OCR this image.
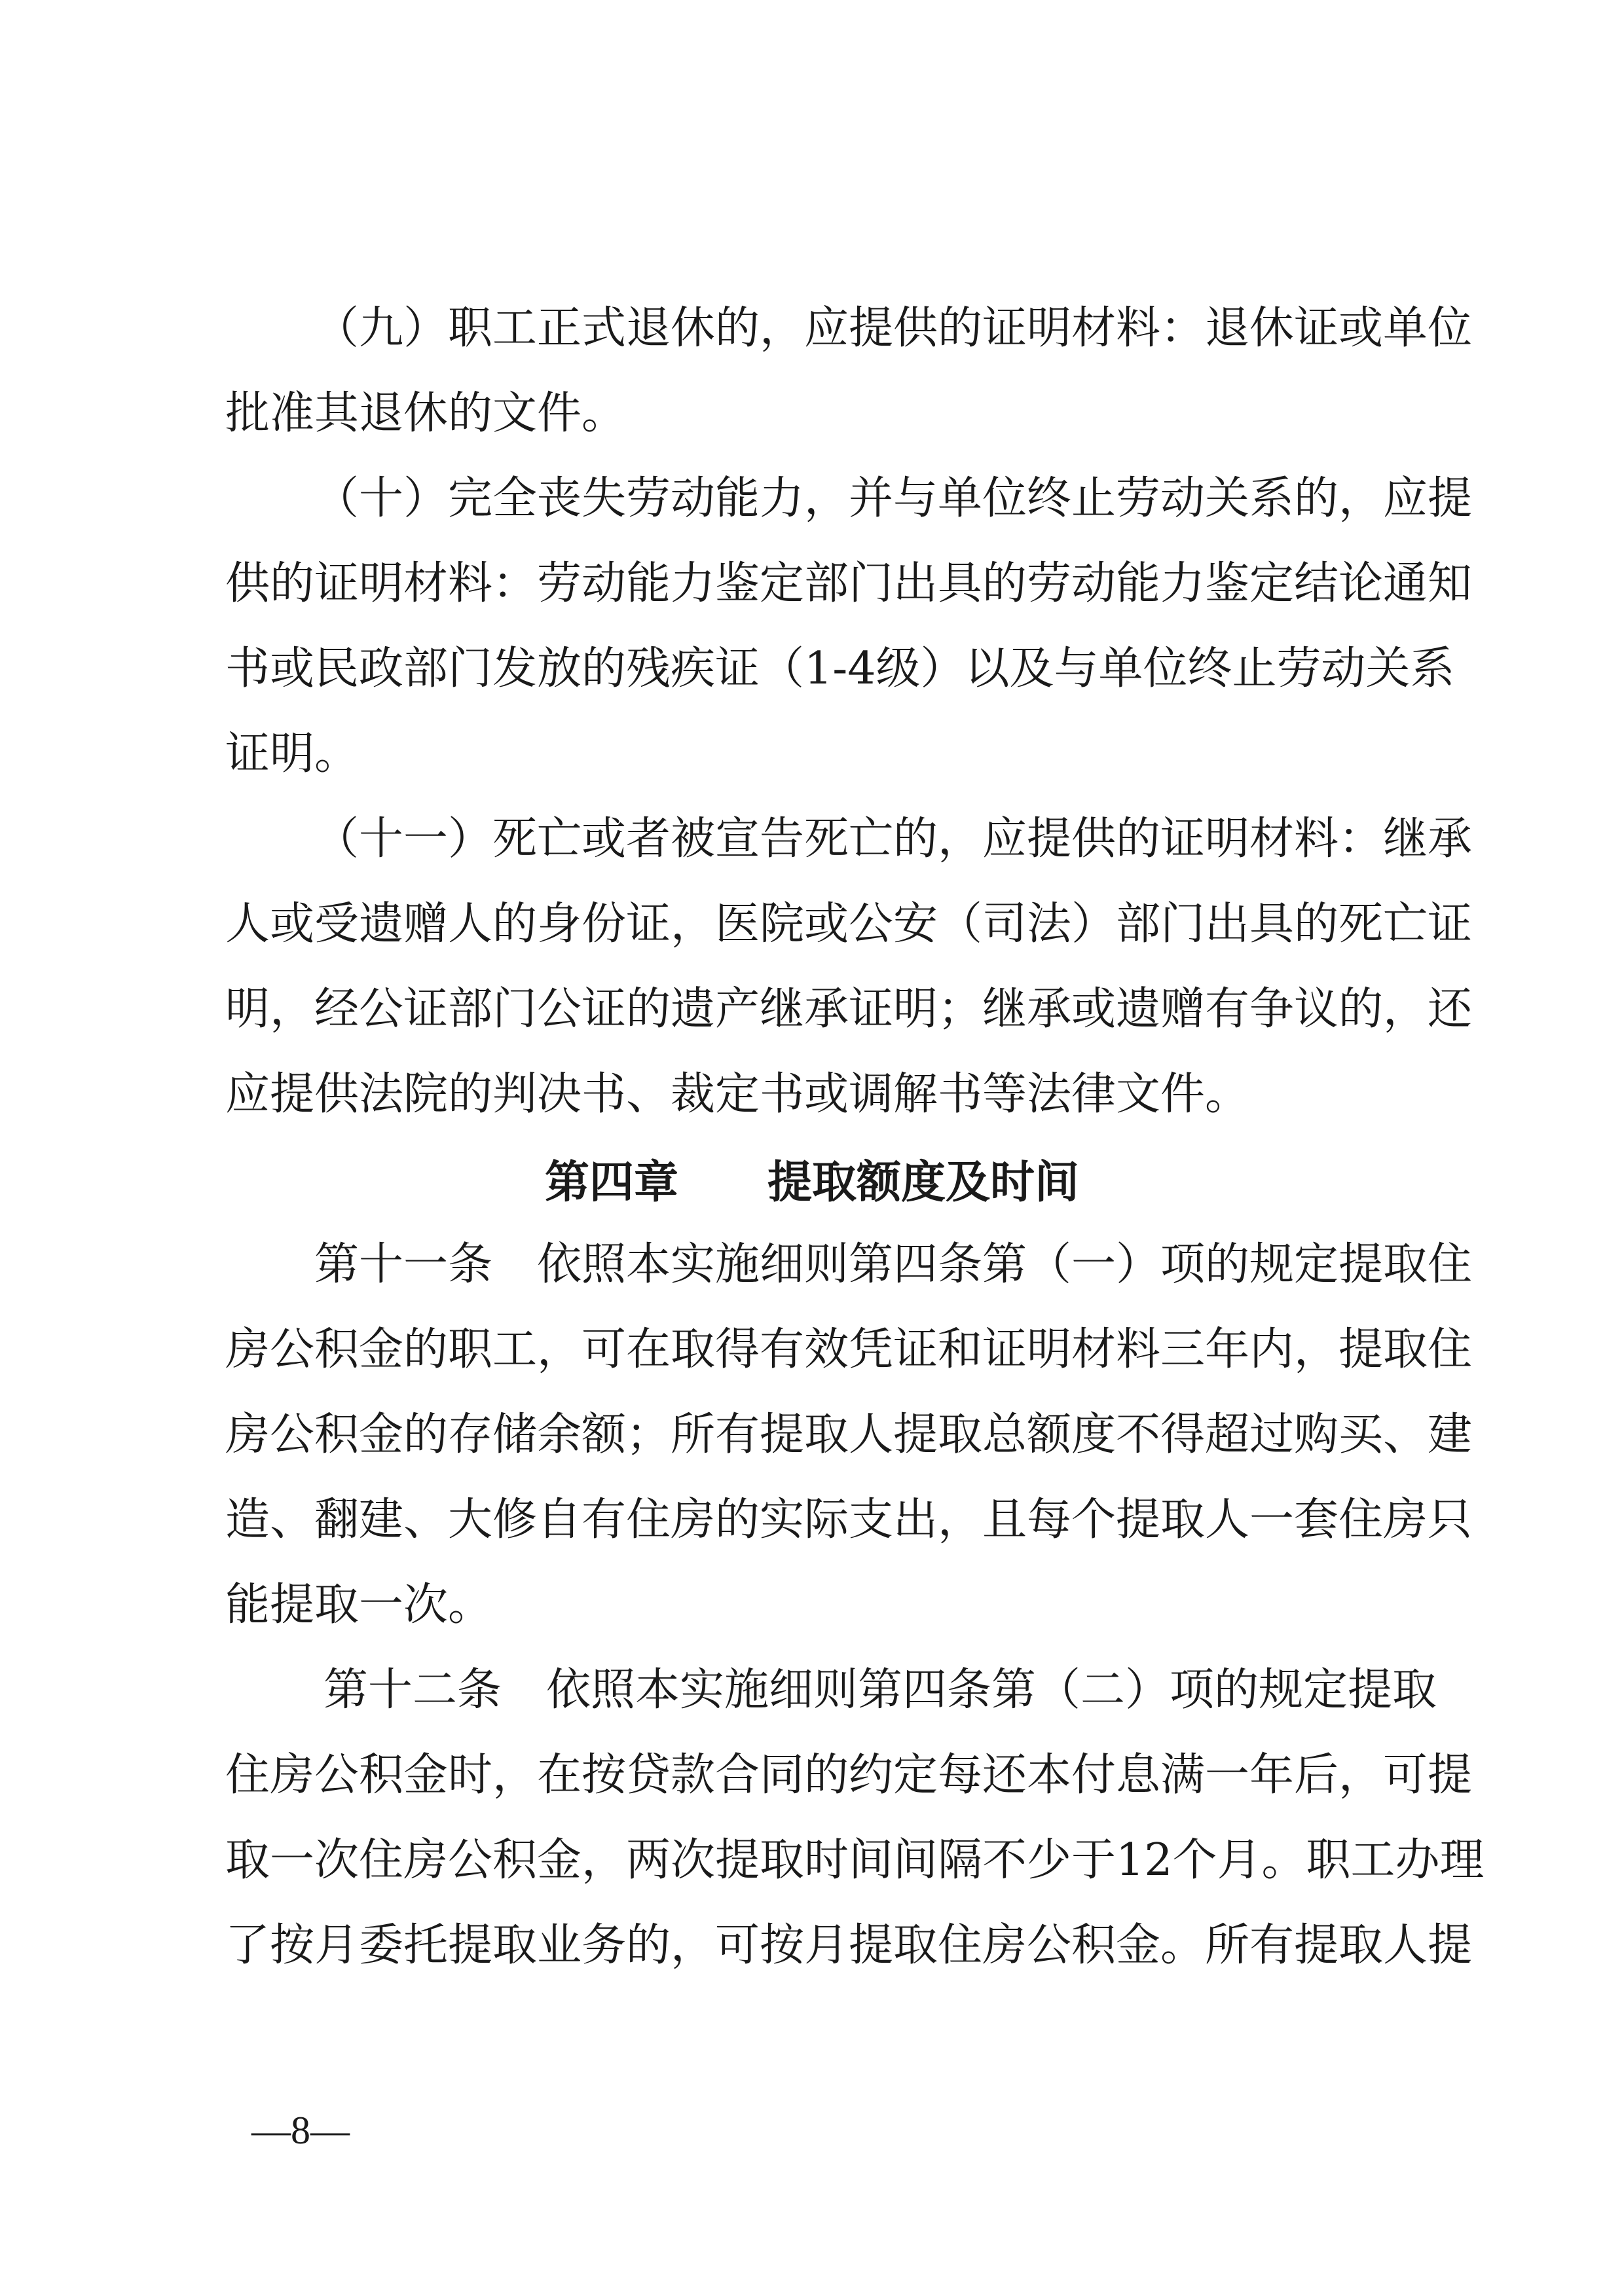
（九）职工正式退休的，应提供的证明材料：退休证或单位
批准其退休的文件。
（十）完全丧失劳动能力，并与单位终止劳动关系的，应提
供的证明材料：劳动能力鉴定部门出具的劳动能力鉴定结论通知
书或民政部门发放的残疾证（1-4级）以及与单位终止劳动关系
证明。
（十一）死亡或者被宣告死亡的，应提供的证明材料：继承
人或受遗赠人的身份证，医院或公安（司法）部门出具的死亡证
明，经公证部门公证的遗产继承证明；继承或遗赠有争议的，还
应提供法院的判决书、裁定书或调解书等法律文件。
第四章　　提取额度及时间
第十一条　依照本实施细则第四条第（一）项的规定提取住
房公积金的职工，可在取得有效凭证和证明材料三年内，提取住
房公积金的存储余额；所有提取人提取总额度不得超过购买、建
造、翻建、大修自有住房的实际支出，且每个提取人一套住房只
能提取一次。
第十二条　依照本实施细则第四条第（二）项的规定提取
住房公积金时，在按贷款合同的约定每还本付息满一年后，可提
取一次住房公积金，两次提取时间间隔不少于12个月。职工办理
了按月委托提取业务的，可按月提取住房公积金。所有提取人提
—8—
